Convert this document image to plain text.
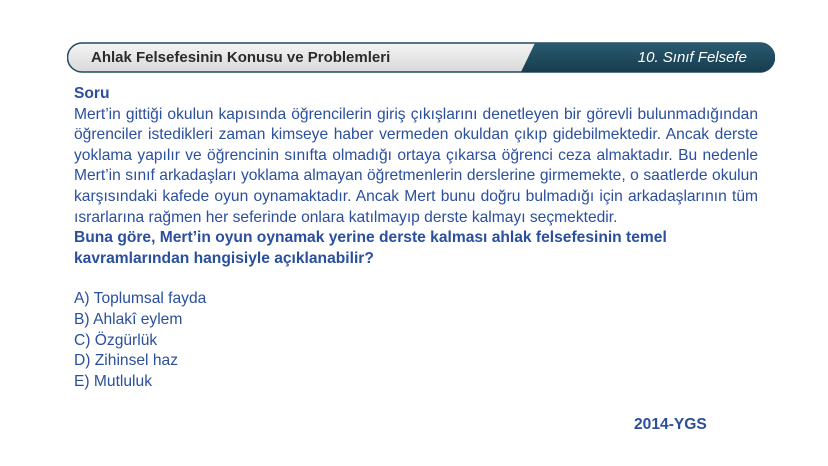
Ahlak Felsefesinin Konusu ve Problemleri	10. Sınıf Felsefe
Soru

Mert’in gittiği okulun kapısında öğrencilerin giriş çıkışlarını denetleyen bir görevli bulunmadığından öğrenciler istedikleri zaman kimseye haber vermeden okuldan çıkıp gidebilmektedir. Ancak derste yoklama yapılır ve öğrencinin sınıfta olmadığı ortaya çıkarsa öğrenci ceza almaktadır. Bu nedenle Mert’in sınıf arkadaşları yoklama almayan öğretmenlerin derslerine girmemekte, o saatlerde okulun karşısındaki kafede oyun oynamaktadır. Ancak Mert bunu doğru bulmadığı için arkadaşlarının tüm ısrarlarına rağmen her seferinde onlara katılmayıp derste kalmayı seçmektedir.

Buna göre, Mert’in oyun oynamak yerine derste kalması ahlak felsefesinin temel kavramlarından hangisiyle açıklanabilir?

A) Toplumsal fayda
B) Ahlakî eylem
C) Özgürlük
D) Zihinsel haz
E) Mutluluk
2014-YGS
